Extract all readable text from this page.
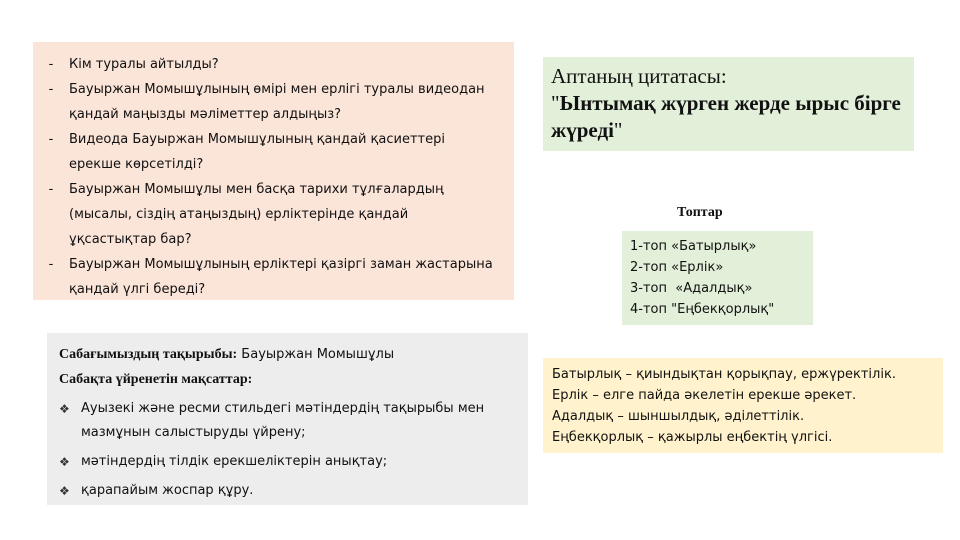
-	Кім туралы айтылды?
-	Бауыржан Момышұлының өмірі мен ерлігі туралы видеодан қандай маңызды мәліметтер алдыңыз?
-	Видеода Бауыржан Момышұлының қандай қасиеттері ерекше көрсетілді?
-	Бауыржан Момышұлы мен басқа тарихи тұлғалардың (мысалы, сіздің атаңыздың) ерліктерінде қандай ұқсастықтар бар?
-	Бауыржан Момышұлының ерліктері қазіргі заман жастарына қандай үлгі береді?
Сабағымыздың тақырыбы: Бауыржан Момышұлы
Сабақта үйренетін мақсаттар:
❖ Ауызекі және ресми стильдегі мәтіндердің тақырыбы мен мазмұнын салыстыруды үйрену;
❖ мәтіндердің тілдік ерекшеліктерін анықтау;
❖ қарапайым жоспар құру.
Аптаның цитатасы:
"Ынтымақ жүрген жерде ырыс бірге жүреді"
Топтар
1-топ «Батырлық»
2-топ «Ерлік»
3-топ  «Адалдық»
4-топ "Еңбекқорлық"
Батырлық – қиындықтан қорықпау, ержүректілік.
Ерлік – елге пайда әкелетін ерекше әрекет.
Адалдық – шыншылдық, әділеттілік.
Еңбекқорлық – қажырлы еңбектің үлгісі.
